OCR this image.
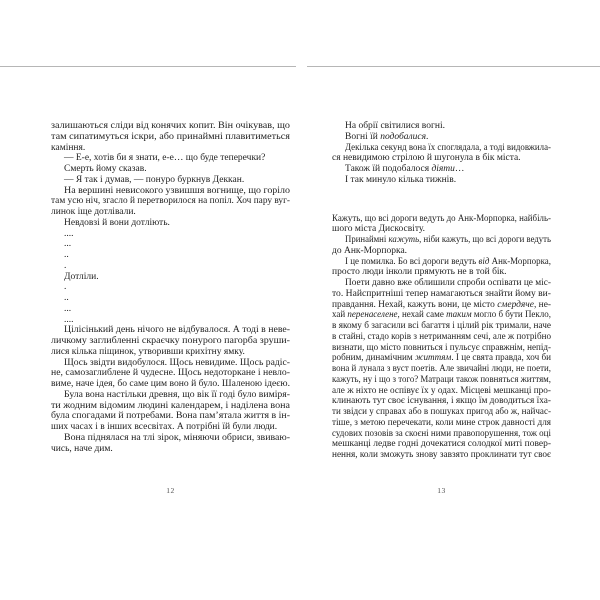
залишаються сліди від конячих копит. Він очікував, що
там сипатимуться іскри, або принаймні плавитиметься
каміння.
— Е-е, хотів би я знати, е-е… що буде теперечки?
Смерть йому сказав.
— Я так і думав, — понуро буркнув Деккан.
На вершині невисокого узвишшя вогнище, що горіло
там усю ніч, згасло й перетворилося на попіл. Хоч пару вуг-
линок іще дотлівали.
Невдовзі й вони дотліють.
....
...
..
.
Дотліли.
.
..
...
....
Цілісінький день нічого не відбувалося. А тоді в неве-
личкому заглибленні скраєчку понурого пагорба зруши-
лися кілька піщинок, утворивши крихітну ямку.
Щось звідти видобулося. Щось невидиме. Щось радіс-
не, самозаглиблене й чудесне. Щось недоторкане і невло-
виме, наче ідея, бо саме цим воно й було. Шаленою ідеєю.
Була вона настільки древня, що вік її годі було виміря-
ти жодним відомим людині календарем, і наділена вона
була спогадами й потребами. Вона пам’ятала життя в ін-
ших часах і в інших всесвітах. А потрібні їй були люди.
Вона піднялася на тлі зірок, міняючи обриси, звиваю-
чись, наче дим.
На обрії світилися вогні.
Вогні їй подобалися.
Декілька секунд вона їх споглядала, а тоді видовжила-
ся невидимою стрілою й шугонула в бік міста.
Також їй подобалося діяти…
І так минуло кілька тижнів.
Кажуть, що всі дороги ведуть до Анк-Морпорка, найбіль-
шого міста Дискосвіту.
Принаймні кажуть, ніби кажуть, що всі дороги ведуть
до Анк-Морпорка.
І це помилка. Бо всі дороги ведуть від Анк-Морпорка,
просто люди інколи прямують не в той бік.
Поети давно вже облишили спроби оспівати це міс-
то. Найспритніші тепер намагаються знайти йому ви-
правдання. Нехай, кажуть вони, це місто смердяче, не-
хай перенаселене, нехай саме таким могло б бути Пекло,
в якому б загасили всі багаття і цілий рік тримали, наче
в стайні, стадо корів з нетриманням сечі, але ж потрібно
визнати, що місто повниться і пульсує справжнім, непід-
робним, динамічним життям. І це свята правда, хоч би
вона й лунала з вуст поетів. Але звичайні люди, не поети,
кажуть, ну і що з того? Матраци також повняться життям,
але ж ніхто не оспівує їх у одах. Місцеві мешканці про-
клинають тут своє існування, і якщо їм доводиться їха-
ти звідси у справах або в пошуках пригод або ж, найчас-
тіше, з метою перечекати, коли мине строк давності для
судових позовів за скоєні ними правопорушення, тож оці
мешканці ледве годні дочекатися солодкої миті повер-
нення, коли зможуть знову завзято проклинати тут своє
12	13
